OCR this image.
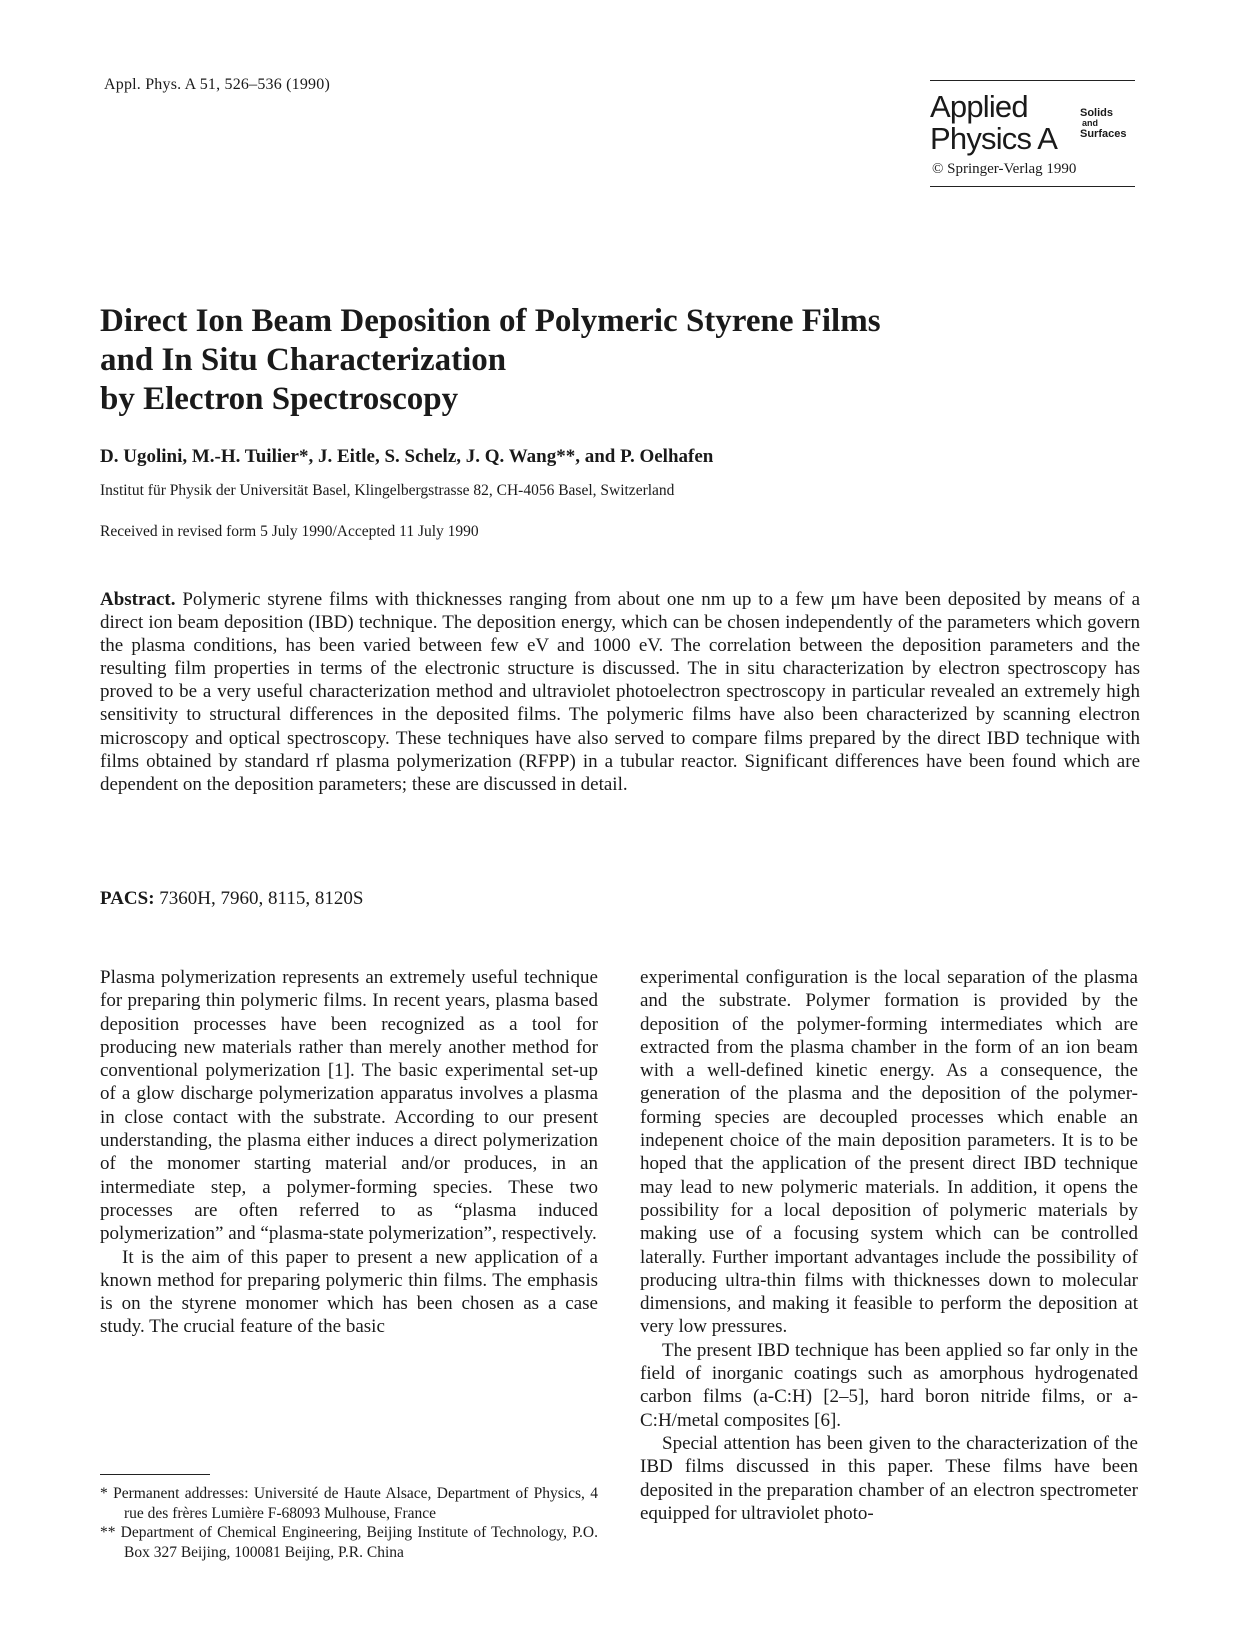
Appl. Phys. A 51, 526–536 (1990)
Applied
Physics A
Solids
and
Surfaces
© Springer-Verlag 1990
Direct Ion Beam Deposition of Polymeric Styrene Films
and In Situ Characterization
by Electron Spectroscopy
D. Ugolini, M.-H. Tuilier*, J. Eitle, S. Schelz, J. Q. Wang**, and P. Oelhafen
Institut für Physik der Universität Basel, Klingelbergstrasse 82, CH-4056 Basel, Switzerland
Received in revised form 5 July 1990/Accepted 11 July 1990

Abstract. Polymeric styrene films with thicknesses ranging from about one nm up to a few μm have been deposited by means of a direct ion beam deposition (IBD) technique. The deposition energy, which can be chosen independently of the parameters which govern the plasma conditions, has been varied between few eV and 1000 eV. The correlation between the deposition parameters and the resulting film properties in terms of the electronic structure is discussed. The in situ characterization by electron spectroscopy has proved to be a very useful characterization method and ultraviolet photoelectron spectroscopy in particular revealed an extremely high sensitivity to structural differences in the deposited films. The polymeric films have also been characterized by scanning electron microscopy and optical spectroscopy. These techniques have also served to compare films prepared by the direct IBD technique with films obtained by standard rf plasma polymerization (RFPP) in a tubular reactor. Significant differences have been found which are dependent on the deposition parameters; these are discussed in detail.

PACS: 7360H, 7960, 8115, 8120S

Plasma polymerization represents an extremely useful technique for preparing thin polymeric films. In recent years, plasma based deposition processes have been recognized as a tool for producing new materials rather than merely another method for conventional polymerization [1]. The basic experimental set-up of a glow discharge polymerization apparatus involves a plasma in close contact with the substrate. According to our present understanding, the plasma either induces a direct polymerization of the monomer starting material and/or produces, in an intermediate step, a polymer-forming species. These two processes are often referred to as “plasma induced polymerization” and “plasma-state polymerization”, respectively.

It is the aim of this paper to present a new application of a known method for preparing polymeric thin films. The emphasis is on the styrene monomer which has been chosen as a case study. The crucial feature of the basic

experimental configuration is the local separation of the plasma and the substrate. Polymer formation is provided by the deposition of the polymer-forming intermediates which are extracted from the plasma chamber in the form of an ion beam with a well-defined kinetic energy. As a consequence, the generation of the plasma and the deposition of the polymer-forming species are decoupled processes which enable an indepenent choice of the main deposition parameters. It is to be hoped that the application of the present direct IBD technique may lead to new polymeric materials. In addition, it opens the possibility for a local deposition of polymeric materials by making use of a focusing system which can be controlled laterally. Further important advantages include the possibility of producing ultra-thin films with thicknesses down to molecular dimensions, and making it feasible to perform the deposition at very low pressures.

The present IBD technique has been applied so far only in the field of inorganic coatings such as amorphous hydrogenated carbon films (a-C:H) [2–5], hard boron nitride films, or a-C:H/metal composites [6].

Special attention has been given to the characterization of the IBD films discussed in this paper. These films have been deposited in the preparation chamber of an electron spectrometer equipped for ultraviolet photo-

* Permanent addresses: Université de Haute Alsace, Department of Physics, 4 rue des frères Lumière F-68093 Mulhouse, France
** Department of Chemical Engineering, Beijing Institute of Technology, P.O. Box 327 Beijing, 100081 Beijing, P.R. China
